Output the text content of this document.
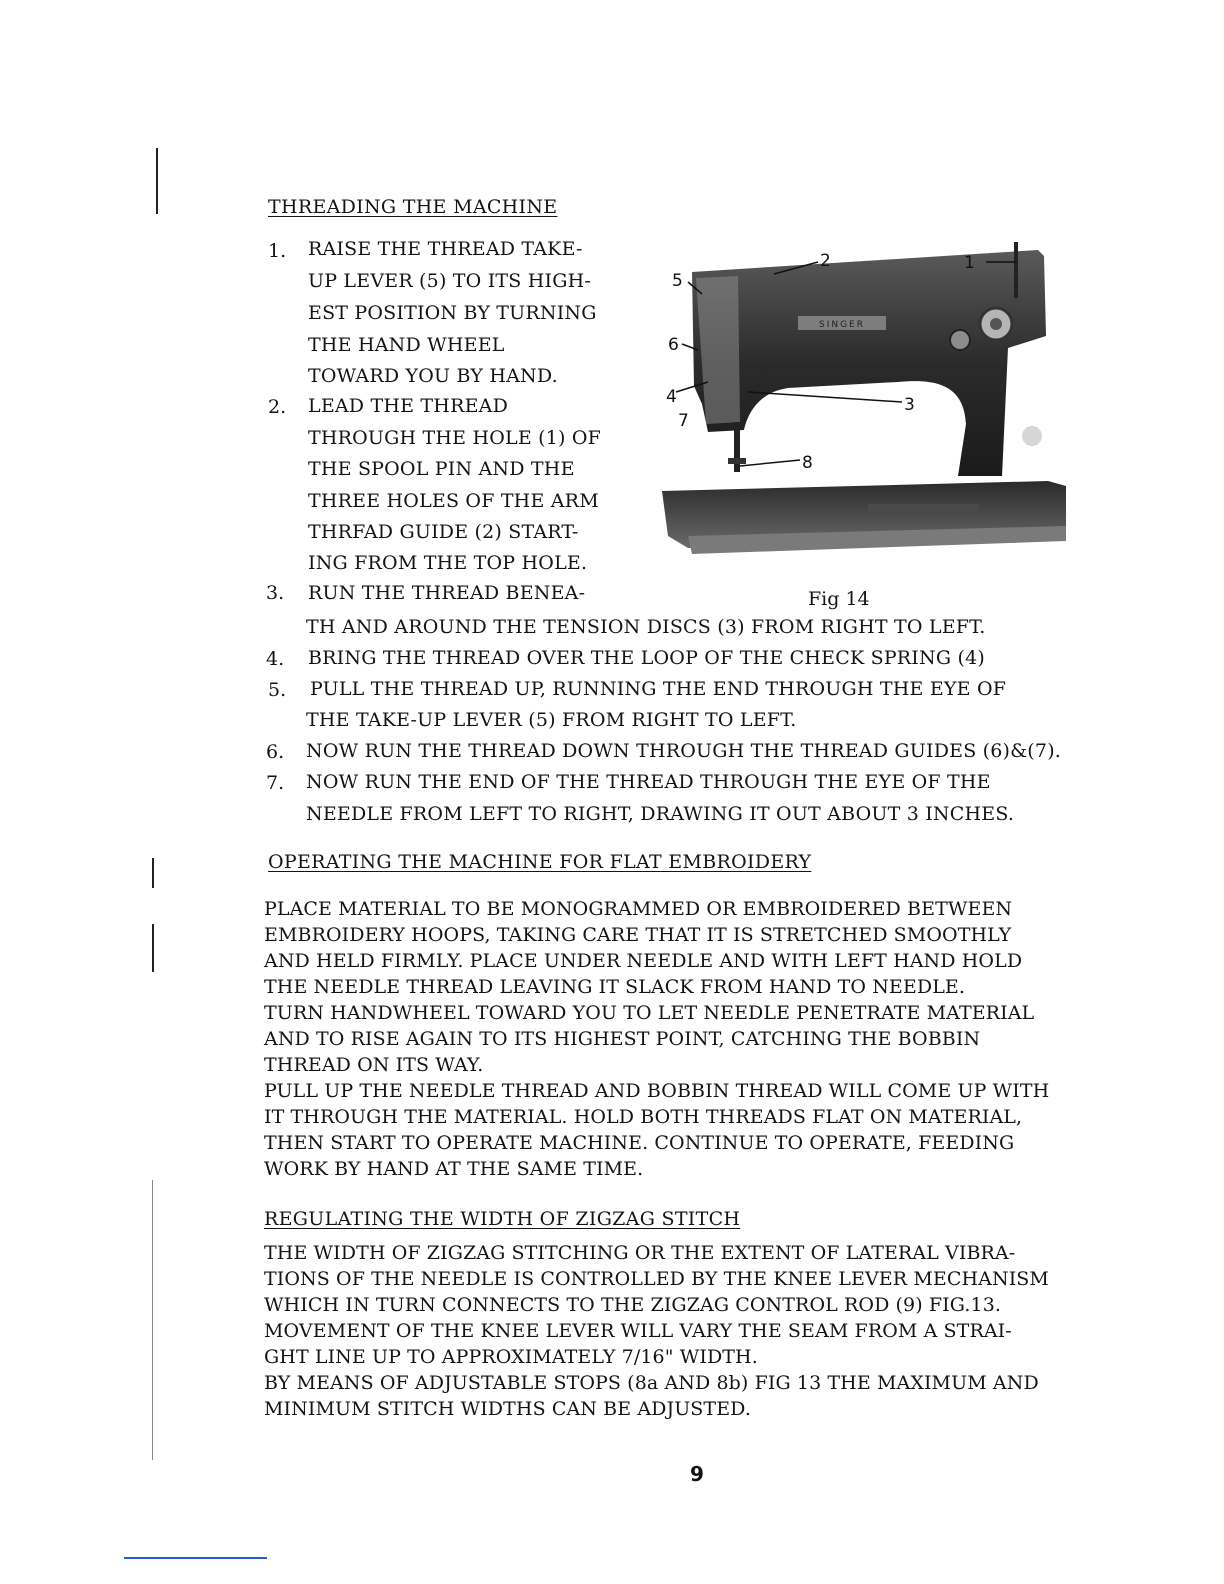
THREADING THE MACHINE
1. RAISE THE THREAD TAKE-
UP LEVER (5) TO ITS HIGH-
EST POSITION BY TURNING
THE HAND WHEEL
TOWARD YOU BY HAND.
2. LEAD THE THREAD
THROUGH THE HOLE (1) OF
THE SPOOL PIN AND THE
THREE HOLES OF THE ARM
THRFAD GUIDE (2) START-
ING FROM THE TOP HOLE.
3. RUN THE THREAD BENEA-
TH AND AROUND THE TENSION DISCS (3) FROM RIGHT TO LEFT.
4. BRING THE THREAD OVER THE LOOP OF THE CHECK SPRING (4)
5. PULL THE THREAD UP, RUNNING THE END THROUGH THE EYE OF
THE TAKE-UP LEVER (5) FROM RIGHT TO LEFT.
6. NOW RUN THE THREAD DOWN THROUGH THE THREAD GUIDES (6)&(7).
7. NOW RUN THE END OF THE THREAD THROUGH THE EYE OF THE
NEEDLE FROM LEFT TO RIGHT, DRAWING IT OUT ABOUT 3 INCHES.
SINGER
1
2
3
4
5
6
7
8
Fig 14
OPERATING THE MACHINE FOR FLAT EMBROIDERY
PLACE MATERIAL TO BE MONOGRAMMED OR EMBROIDERED BETWEEN
EMBROIDERY HOOPS, TAKING CARE THAT IT IS STRETCHED SMOOTHLY
AND HELD FIRMLY. PLACE UNDER NEEDLE AND WITH LEFT HAND HOLD
THE NEEDLE THREAD LEAVING IT SLACK FROM HAND TO NEEDLE.
TURN HANDWHEEL TOWARD YOU TO LET NEEDLE PENETRATE MATERIAL
AND TO RISE AGAIN TO ITS HIGHEST POINT, CATCHING THE BOBBIN
THREAD ON ITS WAY.
PULL UP THE NEEDLE THREAD AND BOBBIN THREAD WILL COME UP WITH
IT THROUGH THE MATERIAL. HOLD BOTH THREADS FLAT ON MATERIAL,
THEN START TO OPERATE MACHINE. CONTINUE TO OPERATE, FEEDING
WORK BY HAND AT THE SAME TIME.
REGULATING THE WIDTH OF ZIGZAG STITCH
THE WIDTH OF ZIGZAG STITCHING OR THE EXTENT OF LATERAL VIBRA-
TIONS OF THE NEEDLE IS CONTROLLED BY THE KNEE LEVER MECHANISM
WHICH IN TURN CONNECTS TO THE ZIGZAG CONTROL ROD (9) FIG.13.
MOVEMENT OF THE KNEE LEVER WILL VARY THE SEAM FROM A STRAI-
GHT LINE UP TO APPROXIMATELY 7/16" WIDTH.
BY MEANS OF ADJUSTABLE STOPS (8a AND 8b) FIG 13 THE MAXIMUM AND
MINIMUM STITCH WIDTHS CAN BE ADJUSTED.
9
